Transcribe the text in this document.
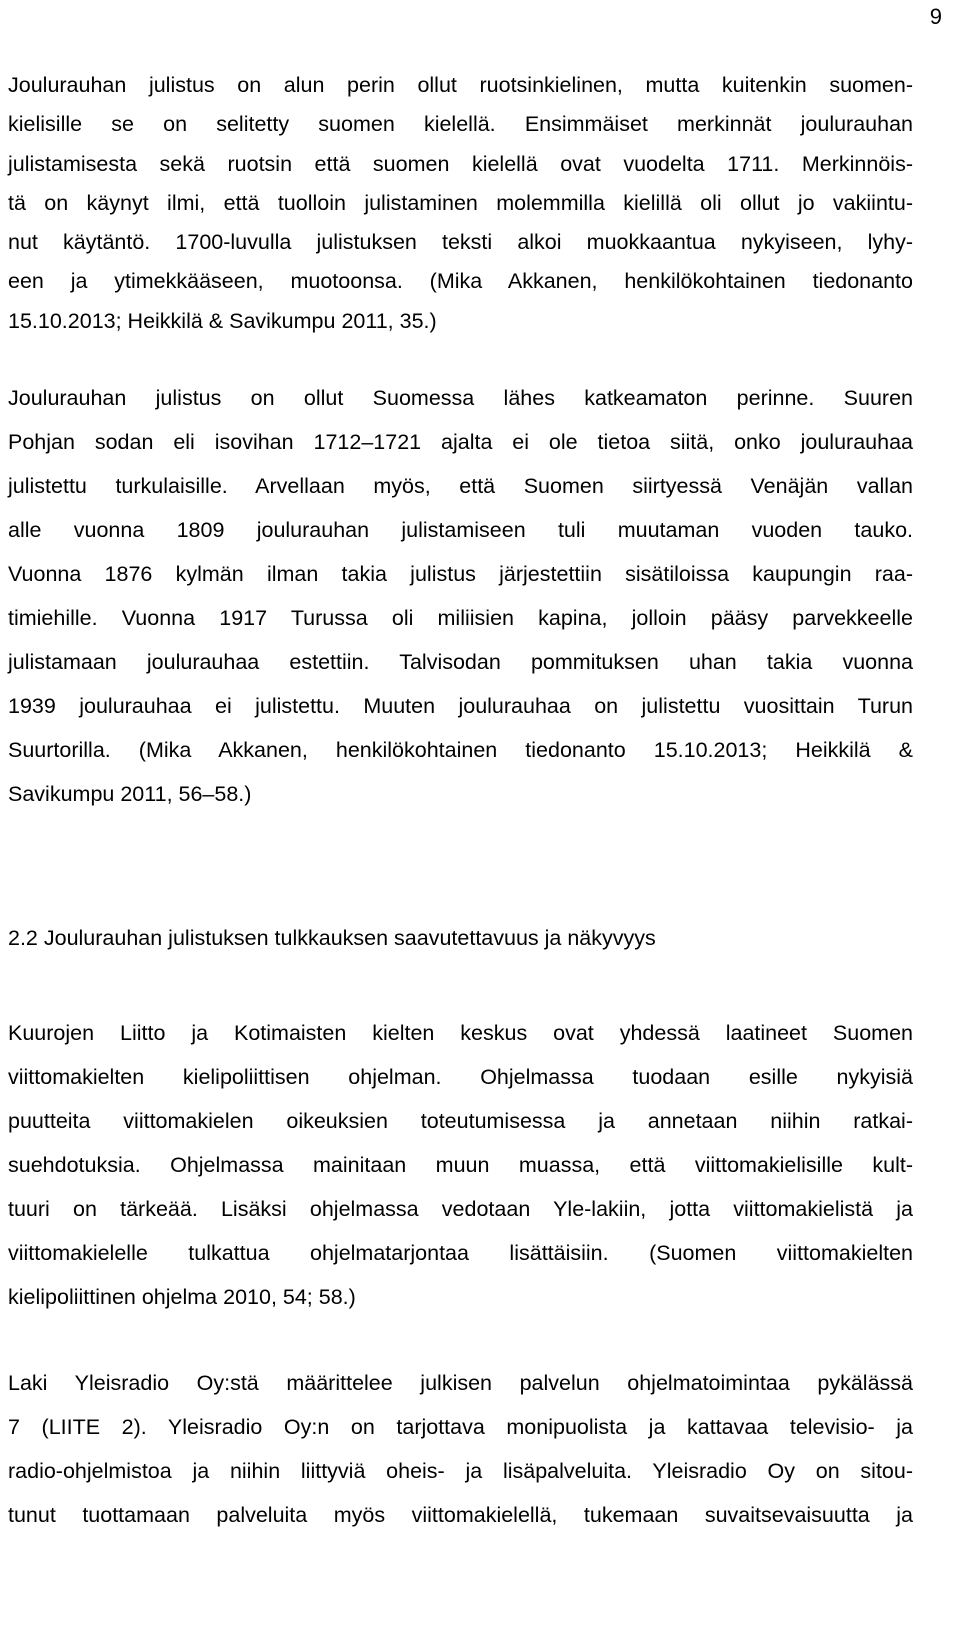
9
Joulurauhan julistus on alun perin ollut ruotsinkielinen, mutta kuitenkin suomen-
kielisille se on selitetty suomen kielellä. Ensimmäiset merkinnät joulurauhan
julistamisesta sekä ruotsin että suomen kielellä ovat vuodelta 1711. Merkinnöis-
tä on käynyt ilmi, että tuolloin julistaminen molemmilla kielillä oli ollut jo vakiintu-
nut käytäntö. 1700-luvulla julistuksen teksti alkoi muokkaantua nykyiseen, lyhy-
een ja ytimekkääseen, muotoonsa. (Mika Akkanen, henkilökohtainen tiedonanto
15.10.2013; Heikkilä & Savikumpu 2011, 35.)
Joulurauhan julistus on ollut Suomessa lähes katkeamaton perinne. Suuren
Pohjan sodan eli isovihan 1712–1721 ajalta ei ole tietoa siitä, onko joulurauhaa
julistettu turkulaisille. Arvellaan myös, että Suomen siirtyessä Venäjän vallan
alle vuonna 1809 joulurauhan julistamiseen tuli muutaman vuoden tauko.
Vuonna 1876 kylmän ilman takia julistus järjestettiin sisätiloissa kaupungin raa-
timiehille. Vuonna 1917 Turussa oli miliisien kapina, jolloin pääsy parvekkeelle
julistamaan joulurauhaa estettiin. Talvisodan pommituksen uhan takia vuonna
1939 joulurauhaa ei julistettu. Muuten joulurauhaa on julistettu vuosittain Turun
Suurtorilla. (Mika Akkanen, henkilökohtainen tiedonanto 15.10.2013; Heikkilä &
Savikumpu 2011, 56–58.)
2.2 Joulurauhan julistuksen tulkkauksen saavutettavuus ja näkyvyys
Kuurojen Liitto ja Kotimaisten kielten keskus ovat yhdessä laatineet Suomen
viittomakielten kielipoliittisen ohjelman. Ohjelmassa tuodaan esille nykyisiä
puutteita viittomakielen oikeuksien toteutumisessa ja annetaan niihin ratkai-
suehdotuksia. Ohjelmassa mainitaan muun muassa, että viittomakielisille kult-
tuuri on tärkeää. Lisäksi ohjelmassa vedotaan Yle-lakiin, jotta viittomakielistä ja
viittomakielelle tulkattua ohjelmatarjontaa lisättäisiin. (Suomen viittomakielten
kielipoliittinen ohjelma 2010, 54; 58.)
Laki Yleisradio Oy:stä määrittelee julkisen palvelun ohjelmatoimintaa pykälässä
7 (LIITE 2). Yleisradio Oy:n on tarjottava monipuolista ja kattavaa televisio- ja
radio-ohjelmistoa ja niihin liittyviä oheis- ja lisäpalveluita. Yleisradio Oy on sitou-
tunut tuottamaan palveluita myös viittomakielellä, tukemaan suvaitsevaisuutta ja
